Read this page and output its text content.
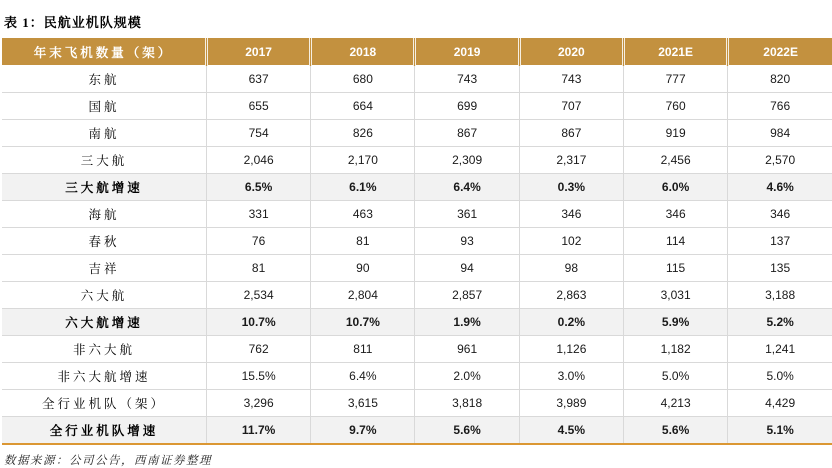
表 1：民航业机队规模
年末飞机数量（架）	2017	2018	2019	2020	2021E	2022E
东航	637	680	743	743	777	820
国航	655	664	699	707	760	766
南航	754	826	867	867	919	984
三大航	2,046	2,170	2,309	2,317	2,456	2,570
三大航增速	6.5%	6.1%	6.4%	0.3%	6.0%	4.6%
海航	331	463	361	346	346	346
春秋	76	81	93	102	114	137
吉祥	81	90	94	98	115	135
六大航	2,534	2,804	2,857	2,863	3,031	3,188
六大航增速	10.7%	10.7%	1.9%	0.2%	5.9%	5.2%
非六大航	762	811	961	1,126	1,182	1,241
非六大航增速	15.5%	6.4%	2.0%	3.0%	5.0%	5.0%
全行业机队（架）	3,296	3,615	3,818	3,989	4,213	4,429
全行业机队增速	11.7%	9.7%	5.6%	4.5%	5.6%	5.1%
数据来源：公司公告，西南证券整理
